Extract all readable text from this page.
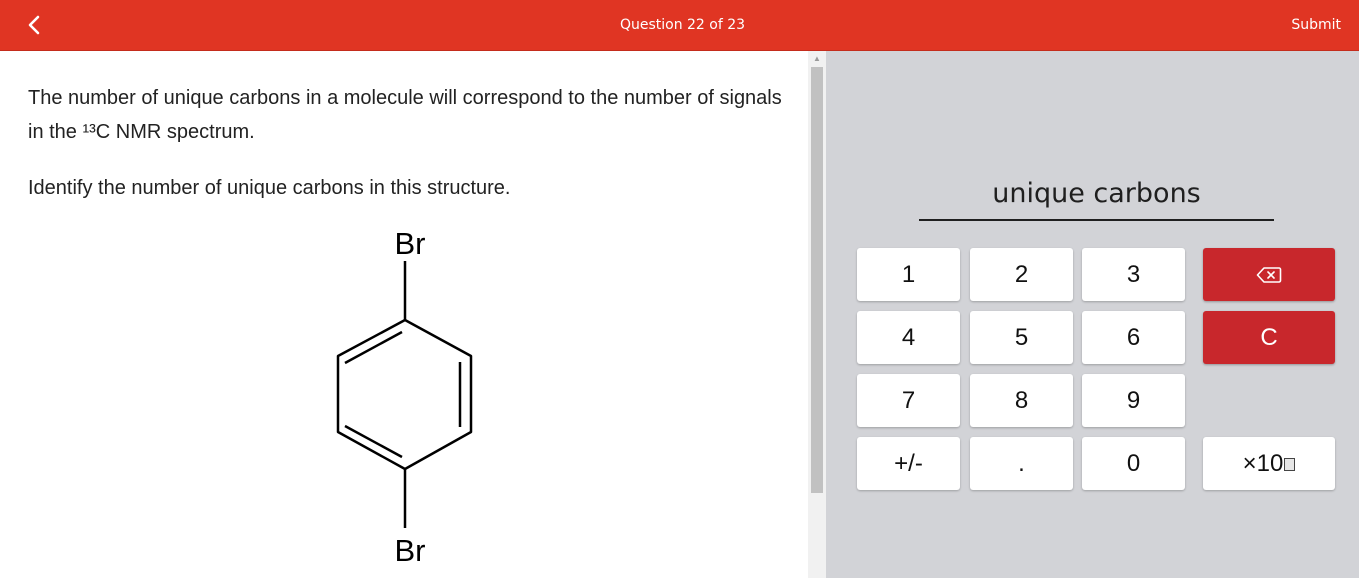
Question 22 of 23	Submit
The number of unique carbons in a molecule will correspond to the number of signals in the ¹³C NMR spectrum.
Identify the number of unique carbons in this structure.
Br
Br
▲
unique carbons
1	2	3
4	5	6	C
7	8	9
+/-	.	0	×10
